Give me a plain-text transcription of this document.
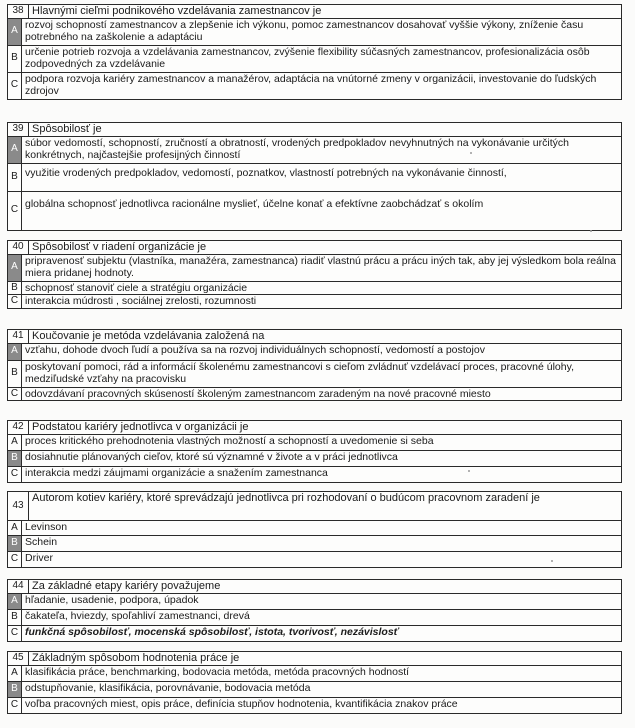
38 Hlavnými cieľmi podnikového vzdelávania zamestnancov je
A
rozvoj schopností zamestnancov a zlepšenie ich výkonu, pomoc zamestnancov dosahovať vyššie výkony, zníženie času potrebného na zaškolenie a adaptáciu
B
určenie potrieb rozvoja a vzdelávania zamestnancov, zvýšenie flexibility súčasných zamestnancov, profesionalizácia osôb zodpovedných za vzdelávanie
C
podpora rozvoja kariéry zamestnancov a manažérov, adaptácia na vnútorné zmeny v organizácii, investovanie do ľudských zdrojov
39 Spôsobilosť je
A
súbor vedomostí, schopností, zručností a obratností, vrodených predpokladov nevyhnutných na vykonávanie určitých konkrétnych, najčastejšie profesijných činností
B využitie vrodených predpokladov, vedomostí, poznatkov, vlastností potrebných na vykonávanie činností,
C
globálna schopnosť jednotlivca racionálne myslieť, účelne konať a efektívne zaobchádzať s okolím
40 Spôsobilosť v riadení organizácie je
A
pripravenosť subjektu (vlastníka, manažéra, zamestnanca) riadiť vlastnú prácu a prácu iných tak, aby jej výsledkom bola reálna miera pridanej hodnoty.
B schopnosť stanoviť ciele a stratégiu organizácie
C interakcia múdrosti , sociálnej zrelosti, rozumnosti
41 Koučovanie je metóda vzdelávania založená na
A vzťahu, dohode dvoch ľudí a používa sa na rozvoj individuálnych schopností, vedomostí a postojov
B
poskytovaní pomoci, rád a informácií školenému zamestnancovi s cieľom zvládnuť vzdelávací proces, pracovné úlohy, medziľudské vzťahy na pracovisku
C odovzdávaní pracovných skúseností školeným zamestnancom zaradeným na nové pracovné miesto
42 Podstatou kariéry jednotlivca v organizácii je
A proces kritického prehodnotenia vlastných možností a schopností a uvedomenie si seba
B dosiahnutie plánovaných cieľov, ktoré sú významné v živote a v práci jednotlivca
C interakcia medzi záujmami organizácie a snažením zamestnanca
43
Autorom kotiev kariéry, ktoré sprevádzajú jednotlivca pri rozhodovaní o budúcom pracovnom zaradení je
A Levinson
B Schein
C Driver
44 Za základné etapy kariéry považujeme
A hľadanie, usadenie, podpora, úpadok
B čakateľa, hviezdy, spoľahliví zamestnanci, drevá
C funkčná spôsobilosť, mocenská spôsobilosť, istota, tvorivosť, nezávislosť
45 Základným spôsobom hodnotenia práce je
A klasifikácia práce, benchmarking, bodovacia metóda, metóda pracovných hodností
B odstupňovanie, klasifikácia, porovnávanie, bodovacia metóda
C voľba pracovných miest, opis práce, definícia stupňov hodnotenia, kvantifikácia znakov práce
